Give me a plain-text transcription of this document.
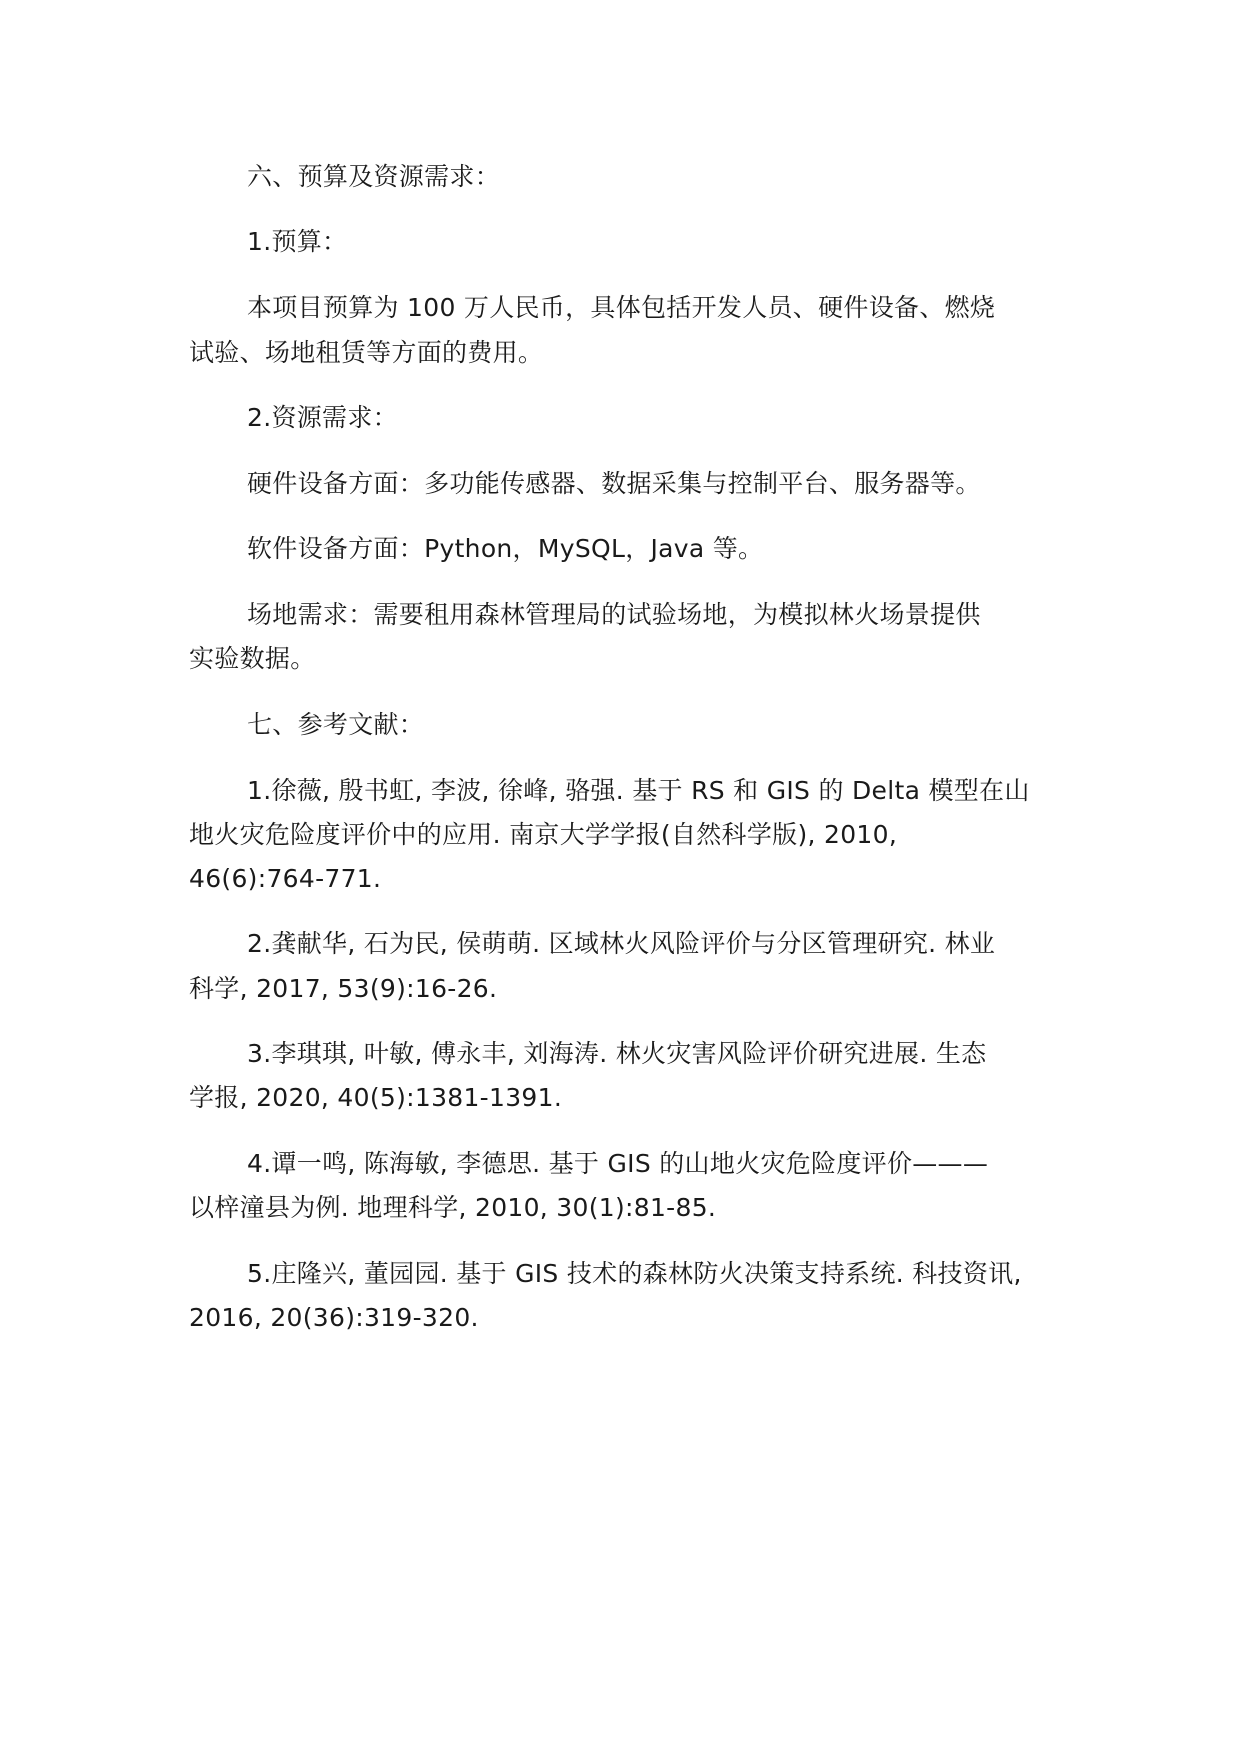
六、预算及资源需求：

1.预算：

本项目预算为 100 万人民币，具体包括开发人员、硬件设备、燃烧

试验、场地租赁等方面的费用。

2.资源需求：

硬件设备方面：多功能传感器、数据采集与控制平台、服务器等。

软件设备方面：Python，MySQL，Java 等。

场地需求：需要租用森林管理局的试验场地，为模拟林火场景提供

实验数据。

七、参考文献：

1.徐薇, 殷书虹, 李波, 徐峰, 骆强. 基于 RS 和 GIS 的 Delta 模型在山

地火灾危险度评价中的应用. 南京大学学报(自然科学版), 2010,

46(6):764-771.

2.龚献华, 石为民, 侯萌萌. 区域林火风险评价与分区管理研究. 林业

科学, 2017, 53(9):16-26.

3.李琪琪, 叶敏, 傅永丰, 刘海涛. 林火灾害风险评价研究进展. 生态

学报, 2020, 40(5):1381-1391.

4.谭一鸣, 陈海敏, 李德思. 基于 GIS 的山地火灾危险度评价———

以梓潼县为例. 地理科学, 2010, 30(1):81-85.

5.庄隆兴, 董园园. 基于 GIS 技术的森林防火决策支持系统. 科技资讯,

2016, 20(36):319-320.
